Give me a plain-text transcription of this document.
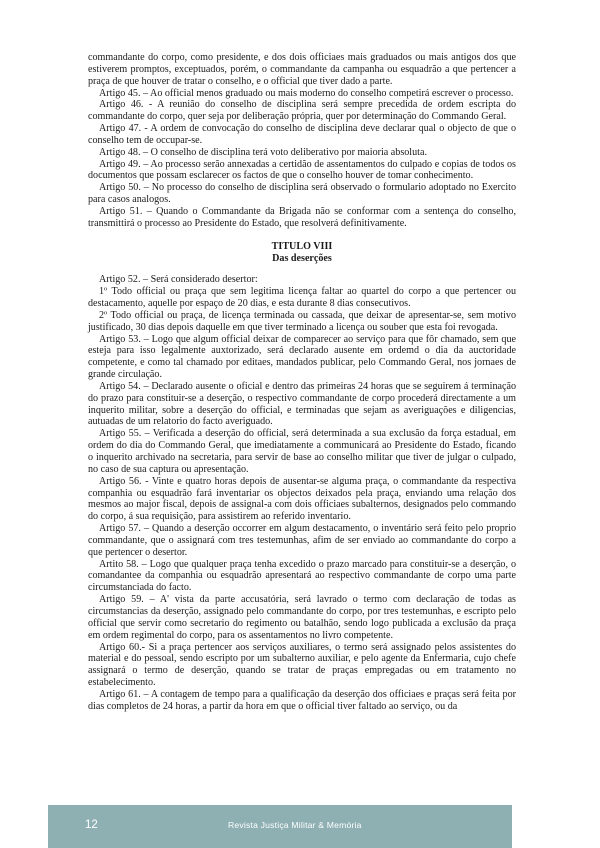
commandante do corpo, como presidente, e dos dois officiaes mais graduados ou mais antigos dos que estiverem promptos, exceptuados, porém, o commandante da campanha ou esquadrão a que pertencer a praça de que houver de tratar o conselho, e o official que tiver dado a parte.

Artigo 45. – Ao official menos graduado ou mais moderno do conselho competirá escrever o processo.

Artigo 46. - A reunião do conselho de disciplina será sempre precedida de ordem escripta do commandante do corpo, quer seja por deliberação própria, quer por determinação do Commando Geral.

Artigo 47. - A ordem de convocação do conselho de disciplina deve declarar qual o objecto de que o conselho tem de occupar-se.

Artigo 48. – O conselho de disciplina terá voto deliberativo por maioria absoluta.

Artigo 49. – Ao processo serão annexadas a certidão de assentamentos do culpado e copias de todos os documentos que possam esclarecer os factos de que o conselho houver de tomar conhecimento.

Artigo 50. – No processo do conselho de disciplina será observado o formulario adoptado no Exercito para casos analogos.

Artigo 51. – Quando o Commandante da Brigada não se conformar com a sentença do conselho, transmittirá o processo ao Presidente do Estado, que resolverá definitivamente.

TITULO VIII
Das deserções

Artigo 52. – Será considerado desertor:

1º Todo official ou praça que sem legitima licença faltar ao quartel do corpo a que pertencer ou destacamento, aquelle por espaço de 20 dias, e esta durante 8 dias consecutivos.

2º Todo official ou praça, de licença terminada ou cassada, que deixar de apresentar-se, sem motivo justificado, 30 dias depois daquelle em que tiver terminado a licença ou souber que esta foi revogada.

Artigo 53. – Logo que algum official deixar de comparecer ao serviço para que fôr chamado, sem que esteja para isso legalmente auxtorizado, será declarado ausente em ordemd o dia da auctoridade competente, e como tal chamado por editaes, mandados publicar, pelo Commando Geral, nos jornaes de grande circulação.

Artigo 54. – Declarado ausente o oficial e dentro das primeiras 24 horas que se seguirem á terminação do prazo para constituir-se a deserção, o respectivo commandante de corpo procederá directamente a um inquerito militar, sobre a deserção do official, e terminadas que sejam as averiguações e diligencias, autuadas de um relatorio do facto averiguado.

Artigo 55. – Verificada a deserção do official, será determinada a sua exclusão da força estadual, em ordem do dia do Commando Geral, que imediatamente a communicará ao Presidente do Estado, ficando o inquerito archivado na secretaria, para servir de base ao conselho militar que tiver de julgar o culpado, no caso de sua captura ou apresentação.

Artigo 56. - Vinte e quatro horas depois de ausentar-se alguma praça, o commandante da respectiva companhia ou esquadrão fará inventariar os objectos deixados pela praça, enviando uma relação dos mesmos ao major fiscal, depois de assignal-a com dois officiaes subalternos, designados pelo commando do corpo, á sua requisição, para assistirem ao referido inventario.

Artigo 57. – Quando a deserção occorrer em algum destacamento, o inventário será feito pelo proprio commandante, que o assignará com tres testemunhas, afim de ser enviado ao commandante do corpo a que pertencer o desertor.

Artito 58. – Logo que qualquer praça tenha excedido o prazo marcado para constituir-se a deserção, o comandantee da companhia ou esquadrão apresentará ao respectivo commandante de corpo uma parte circumstanciada do facto.

Artigo 59. – A' vista da parte accusatória, será lavrado o termo com declaração de todas as circumstancias da deserção, assignado pelo commandante do corpo, por tres testemunhas, e escripto pelo official que servir como secretario do regimento ou batalhão, sendo logo publicada a exclusão da praça em ordem regimental do corpo, para os assentamentos no livro competente.

Artigo 60.- Si a praça pertencer aos serviços auxiliares, o termo será assignado pelos assistentes do material e do pessoal, sendo escripto por um subalterno auxiliar, e pelo agente da Enfermaria, cujo chefe assignará o termo de deserção, quando se tratar de praças empregadas ou em tratamento no estabelecimento.

Artigo 61. – A contagem de tempo para a qualificação da deserção dos officiaes e praças será feita por dias completos de 24 horas, a partir da hora em que o official tiver faltado ao serviço, ou da

12	Revista Justiça Militar & Memória
